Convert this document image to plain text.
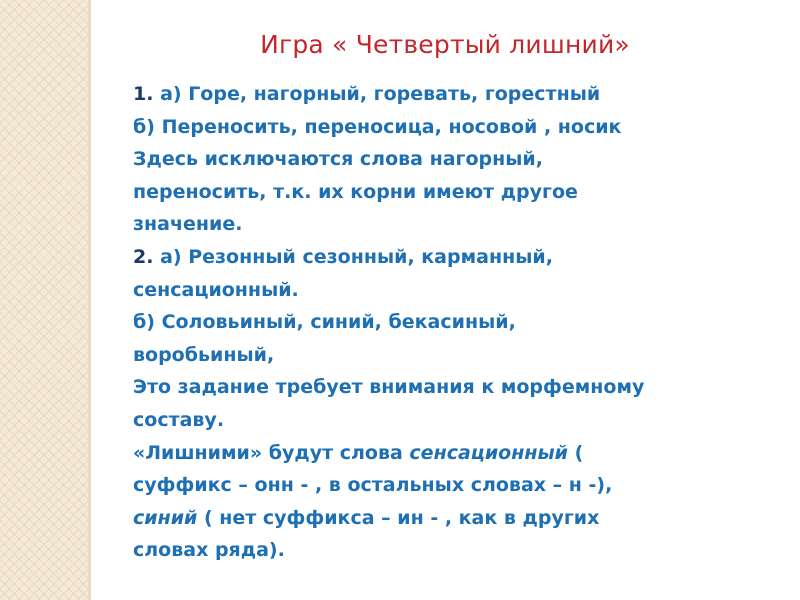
Игра « Четвертый лишний»
1. а) Горе, нагорный, горевать, горестный
б) Переносить, переносица, носовой , носик
Здесь исключаются слова нагорный,
переносить, т.к. их корни имеют другое
значение.
2. а) Резонный сезонный, карманный,
сенсационный.
б) Соловьиный, синий, бекасиный,
воробьиный,
Это задание требует внимания к морфемному
составу.
«Лишними» будут слова сенсационный (
суффикс – онн - , в остальных словах – н -),
синий ( нет суффикса – ин - , как в других
словах ряда).
